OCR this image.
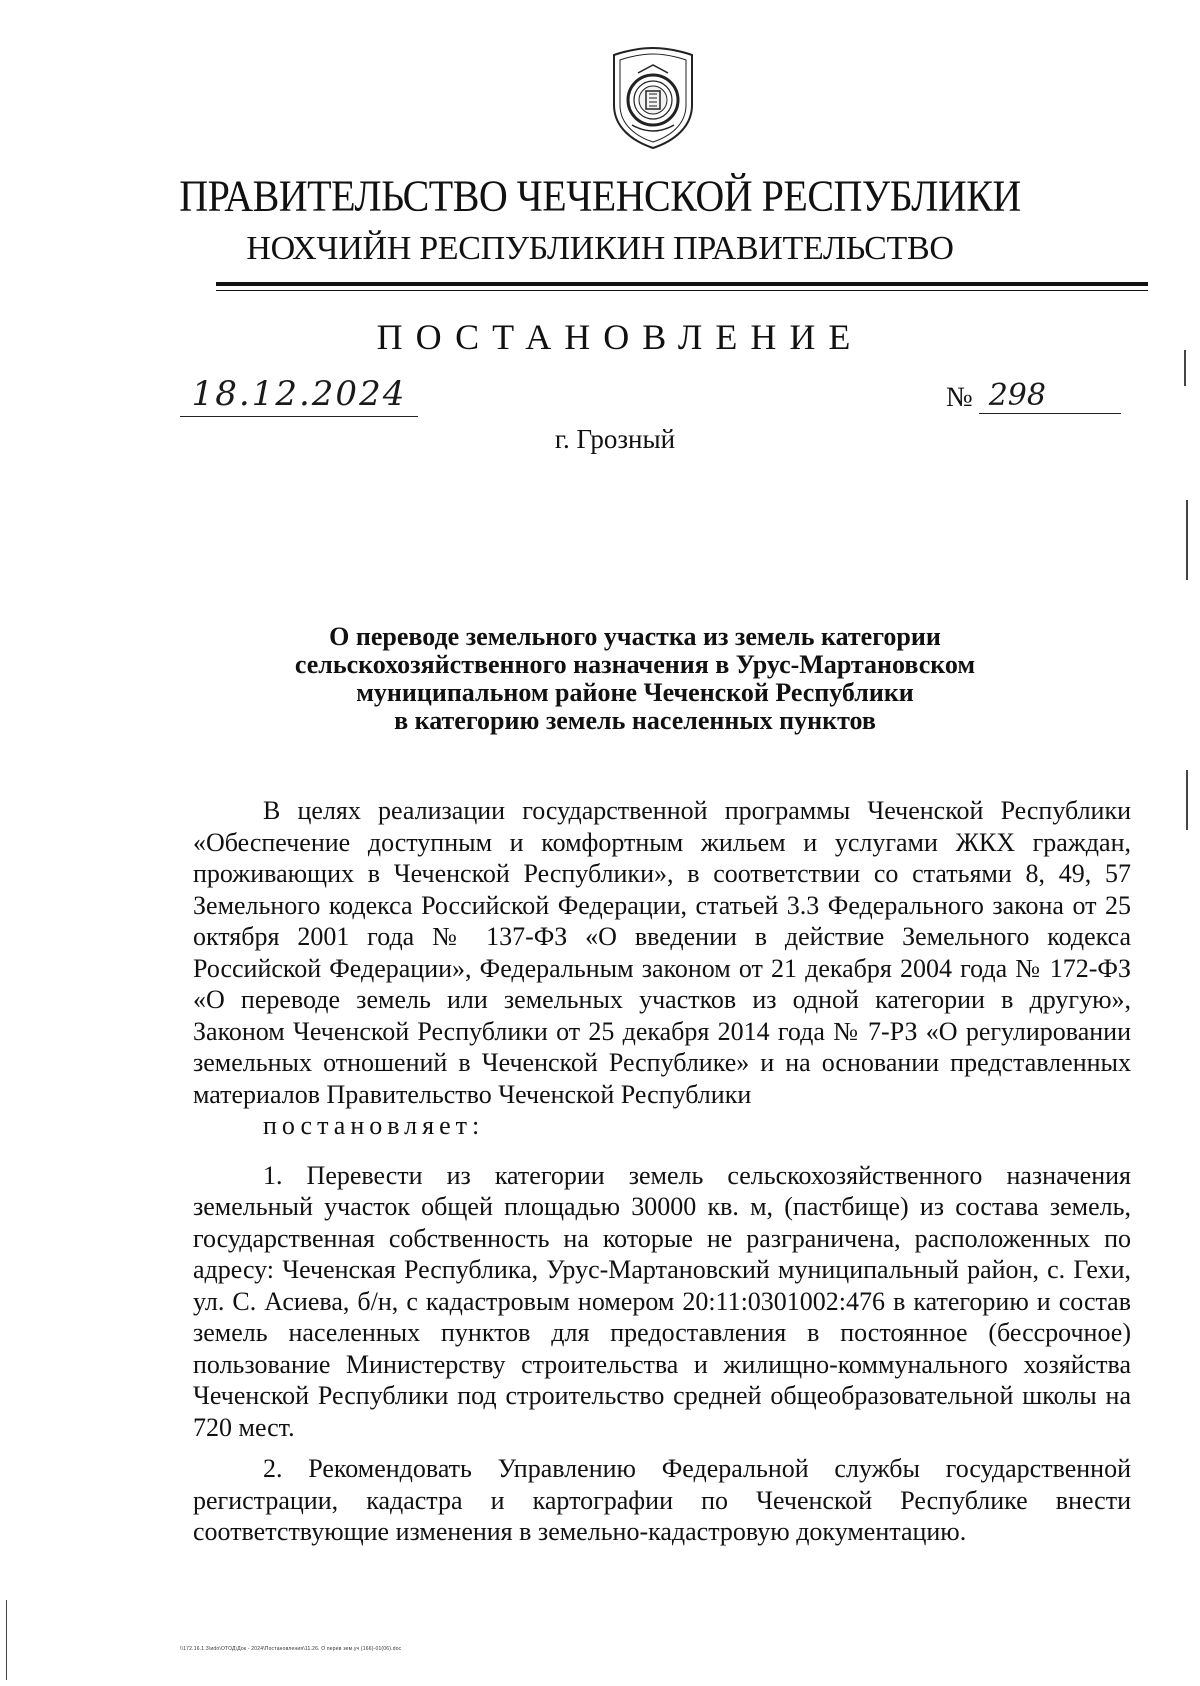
ПРАВИТЕЛЬСТВО ЧЕЧЕНСКОЙ РЕСПУБЛИКИ
НОХЧИЙН РЕСПУБЛИКИН ПРАВИТЕЛЬСТВО
ПОСТАНОВЛЕНИЕ
18.12.2024	№ 298
г. Грозный
О переводе земельного участка из земель категории
сельскохозяйственного назначения в Урус-Мартановском
муниципальном районе Чеченской Республики
в категорию земель населенных пунктов

В целях реализации государственной программы Чеченской Республики «Обеспечение доступным и комфортным жильем и услугами ЖКХ граждан, проживающих в Чеченской Республики», в соответствии со статьями 8, 49, 57 Земельного кодекса Российской Федерации, статьей 3.3 Федерального закона от 25 октября 2001 года № 137-ФЗ «О введении в действие Земельного кодекса Российской Федерации», Федеральным законом от 21 декабря 2004 года № 172-ФЗ «О переводе земель или земельных участков из одной категории в другую», Законом Чеченской Республики от 25 декабря 2014 года № 7-РЗ «О регулировании земельных отношений в Чеченской Республике» и на основании представленных материалов Правительство Чеченской Республики

постановляет:

1. Перевести из категории земель сельскохозяйственного назначения земельный участок общей площадью 30000 кв. м, (пастбище) из состава земель, государственная собственность на которые не разграничена, расположенных по адресу: Чеченская Республика, Урус-Мартановский муниципальный район, с. Гехи, ул. С. Асиева, б/н, с кадастровым номером 20:11:0301002:476 в категорию и состав земель населенных пунктов для предоставления в постоянное (бессрочное) пользование Министерству строительства и жилищно-коммунального хозяйства Чеченской Республики под строительство средней общеобразовательной школы на 720 мест.

2. Рекомендовать Управлению Федеральной службы государственной регистрации, кадастра и картографии по Чеченской Республике внести соответствующие изменения в земельно-кадастровую документацию.

\\172.16.1.3\иdo\ОТОД\Док - 2024\Постановления\11.26. О перев зем уч (166)-01(06).doc
